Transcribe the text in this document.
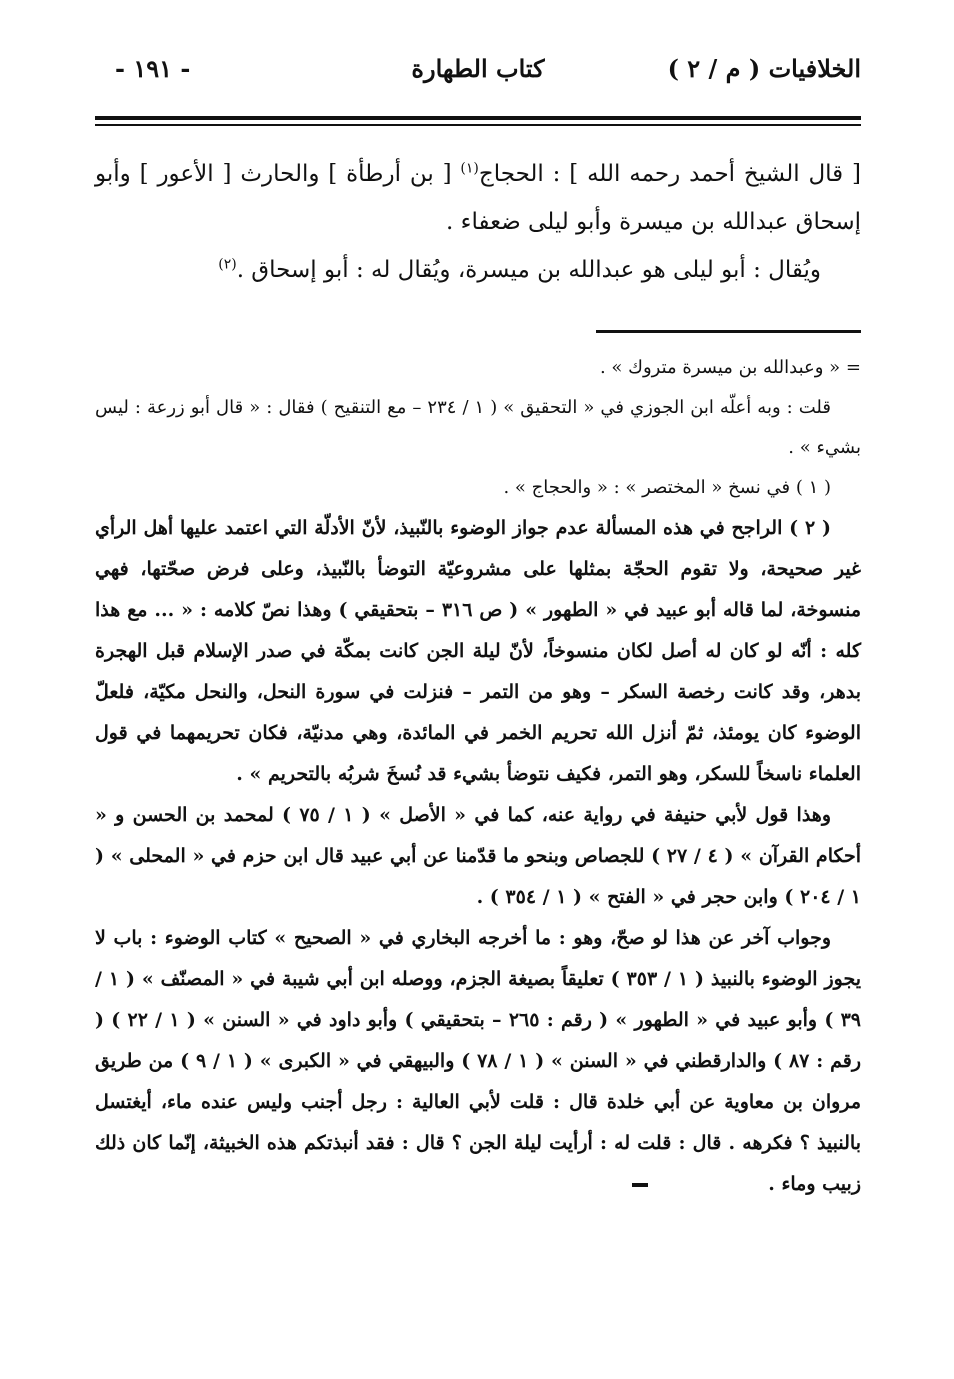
الخلافيات ( م / ٢ )
كتاب الطهارة
- ١٩١ -

[ قال الشيخ أحمد رحمه الله ] : الحجاج$^{(١)}$ [ بن أرطأة ] والحارث [ الأعور ] وأبو إسحاق عبدالله بن ميسرة وأبو ليلى ضعفاء .

ويُقال : أبو ليلى هو عبدالله بن ميسرة، ويُقال له : أبو إسحاق .$^{(٢)}$

= « وعبدالله بن ميسرة متروك » .

قلت : وبه أعلّه ابن الجوزي في « التحقيق » ( ١ / ٢٣٤ – مع التنقيح ) فقال : « قال أبو زرعة : ليس بشيء » .

( ١ ) في نسخ « المختصر » : « والحجاج » .

( ٢ ) الراجح في هذه المسألة عدم جواز الوضوء بالنّبيذ، لأنّ الأدلّة التي اعتمد عليها أهل الرأي غير صحيحة، ولا تقوم الحجّة بمثلها على مشروعيّة التوضأ بالنّبيذ، وعلى فرض صحّتها، فهي منسوخة، لما قاله أبو عبيد في « الطهور » ( ص ٣١٦ – بتحقيقي ) وهذا نصّ كلامه : « ... مع هذا كله : أنّه لو كان له أصل لكان منسوخاً، لأنّ ليلة الجن كانت بمكّة في صدر الإسلام قبل الهجرة بدهر، وقد كانت رخصة السكر – وهو من التمر – فنزلت في سورة النحل، والنحل مكيّة، فلعلّ الوضوء كان يومئذ، ثمّ أنزل الله تحريم الخمر في المائدة، وهي مدنيّة، فكان تحريمهما في قول العلماء ناسخاً للسكر، وهو التمر، فكيف نتوضأ بشيء قد نُسخَ شربُه بالتحريم » .

وهذا قول لأبي حنيفة في رواية عنه، كما في « الأصل » ( ١ / ٧٥ ) لمحمد بن الحسن و « أحكام القرآن » ( ٤ / ٢٧ ) للجصاص وبنحو ما قدّمنا عن أبي عبيد قال ابن حزم في « المحلى » ( ١ / ٢٠٤ ) وابن حجر في « الفتح » ( ١ / ٣٥٤ ) .

وجواب آخر عن هذا لو صحّ، وهو : ما أخرجه البخاري في « الصحيح » كتاب الوضوء : باب لا يجوز الوضوء بالنبيذ ( ١ / ٣٥٣ ) تعليقاً بصيغة الجزم، ووصله ابن أبي شيبة في « المصنّف » ( ١ / ٣٩ ) وأبو عبيد في « الطهور » ( رقم : ٢٦٥ – بتحقيقي ) وأبو داود في « السنن » ( ١ / ٢٢ ) ( رقم : ٨٧ ) والدارقطني في « السنن » ( ١ / ٧٨ ) والبيهقي في « الكبرى » ( ١ / ٩ ) من طريق مروان بن معاوية عن أبي خلدة قال : قلت لأبي العالية : رجل أجنب وليس عنده ماء، أيغتسل بالنبيذ ؟ فكرهه . قال : قلت له : أرأيت ليلة الجن ؟ قال : فقد أنبذتكم هذه الخبيثة، إنّما كان ذلك زبيب وماء .
